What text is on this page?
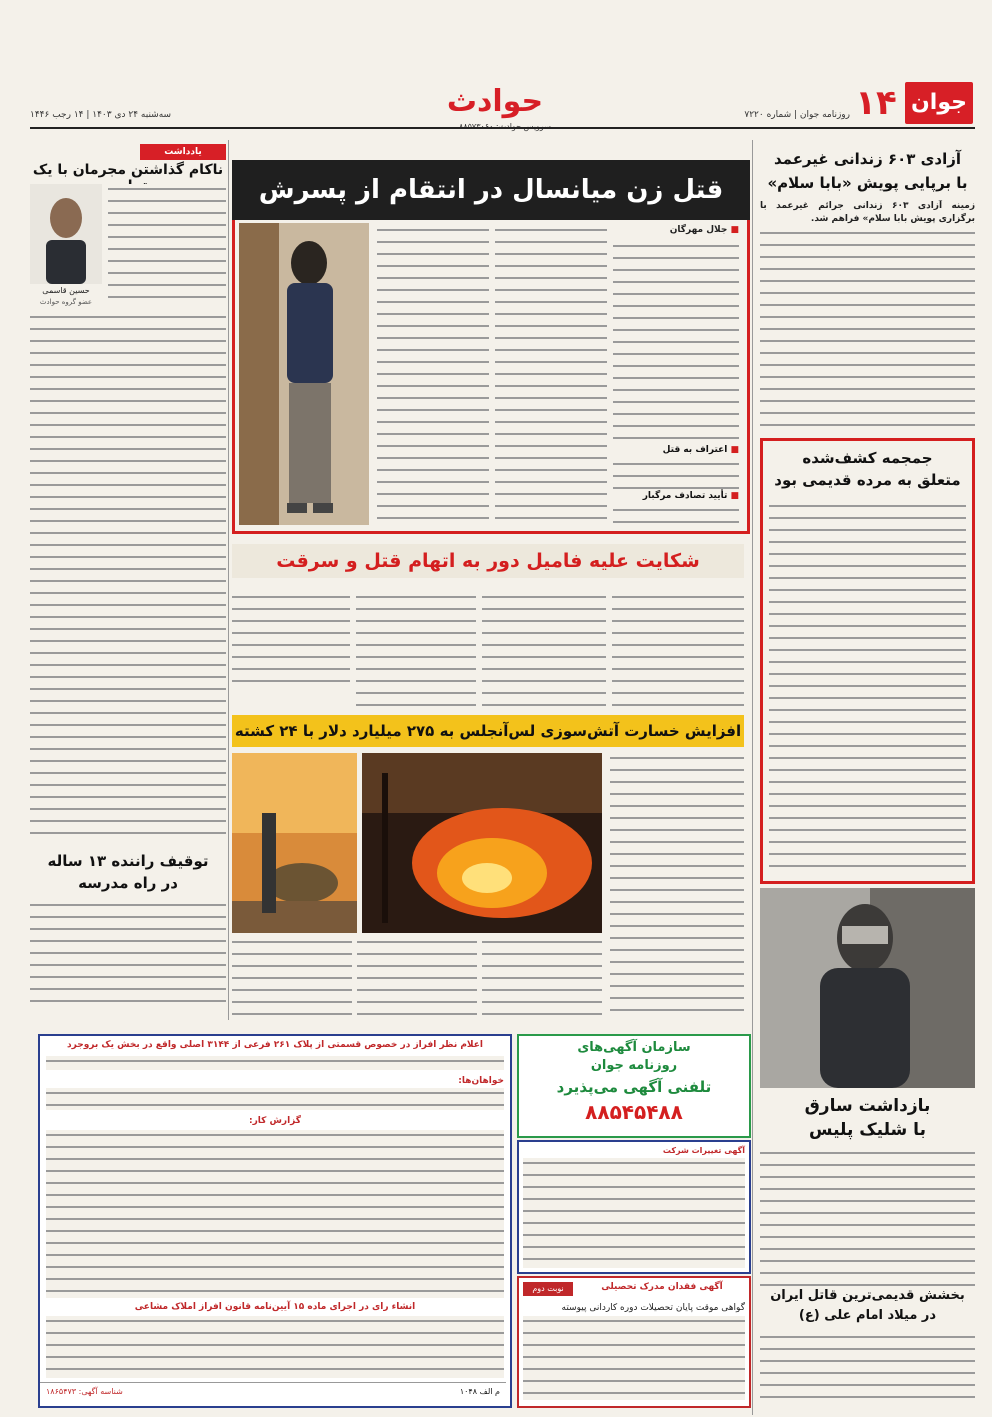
جوان
۱۴
روزنامه جوان | شماره ۷۲۲۰
حوادث
سه‌شنبه ۲۴ دی ۱۴۰۳ | ۱۴ رجب ۱۴۴۶
آزادی ۶۰۳ زندانی غیرعمد
با برپایی پویش «بابا سلام»
زمینه آزادی ۶۰۳ زندانی جرائم غیرعمد با برگزاری پویش بابا سلام» فراهم شد.
جمجمه کشف‌شده
متعلق به مرده قدیمی بود
بازداشت سارق
با شلیک پلیس
بخشش قدیمی‌ترین قاتل ایران
در میلاد امام علی (ع)
قتل زن میانسال در انتقام از پسرش
■ جلال مهرگان
■ اعتراف به قتل
■ تأیید تصادف مرگبار
شکایت علیه فامیل دور به اتهام قتل و سرقت
افزایش خسارت آتش‌سوزی لس‌آنجلس به ۲۷۵ میلیارد دلار با ۲۴ کشته
یادداشت
ناکام گذاشتن مجرمان با یک
حسین قاسمی
عضو گروه حوادث
توقیف راننده ۱۳ ساله
در راه مدرسه
اعلام نظر افراز در خصوص قسمتی از پلاک ۲۶۱ فرعی از ۳۱۴۴ اصلی واقع در بخش یک بروجرد
خواهان‌ها:
گزارش کار:
انشاء رای در اجرای ماده ۱۵ آیین‌نامه قانون افراز املاک مشاعی
م الف ۱۰۴۸
شناسه آگهی: ۱۸۶۵۴۷۳
سازمان آگهی‌های
روزنامه جوان
تلفنی آگهی می‌پذیرد
۸۸۵۴۵۴۸۸
آگهی تغییرات شرکت
نوبت دوم	آگهی فقدان مدرک تحصیلی
گواهی موقت پایان تحصیلات دوره کاردانی پیوسته
